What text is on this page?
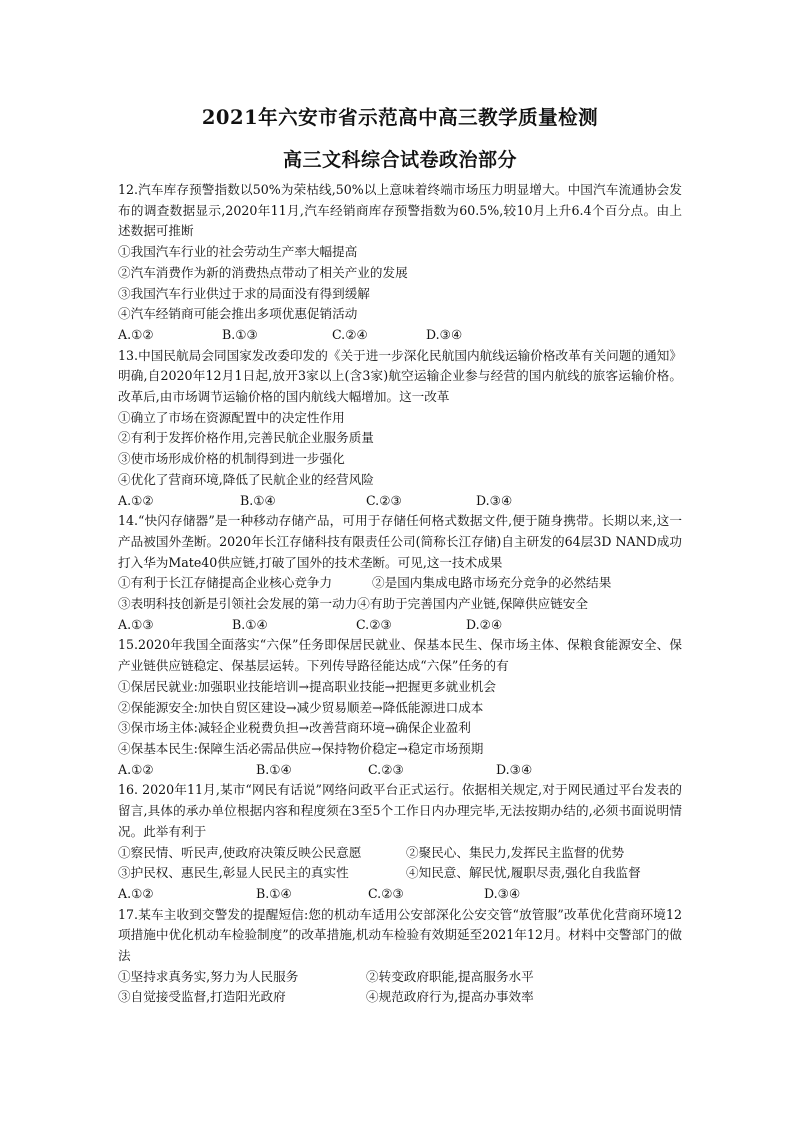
2021年六安市省示范高中高三教学质量检测
高三文科综合试卷政治部分

12.汽车库存预警指数以50%为荣枯线,50%以上意味着终端市场压力明显增大。中国汽车流通协会发布的调查数据显示,2020年11月,汽车经销商库存预警指数为60.5%,较10月上升6.4个百分点。由上述数据可推断

①我国汽车行业的社会劳动生产率大幅提高

②汽车消费作为新的消费热点带动了相关产业的发展

③我国汽车行业供过于求的局面没有得到缓解

④汽车经销商可能会推出多项优惠促销活动

A.①②	B.①③	C.②④	D.③④

13.中国民航局会同国家发改委印发的《关于进一步深化民航国内航线运输价格改革有关问题的通知》明确,自2020年12月1日起,放开3家以上(含3家)航空运输企业参与经营的国内航线的旅客运输价格。改革后,由市场调节运输价格的国内航线大幅增加。这一改革

①确立了市场在资源配置中的决定性作用

②有利于发挥价格作用,完善民航企业服务质量

③使市场形成价格的机制得到进一步强化

④优化了营商环境,降低了民航企业的经营风险

A.①②	B.①④	C.②③	D.③④

14.“快闪存储器”是一种移动存储产品，可用于存储任何格式数据文件,便于随身携带。长期以来,这一产品被国外垄断。2020年长江存储科技有限责任公司(简称长江存储)自主研发的64层3D NAND成功打入华为Mate40供应链,打破了国外的技术垄断。可见,这一技术成果

①有利于长江存储提高企业核心竞争力	②是国内集成电路市场充分竞争的必然结果

③表明科技创新是引领社会发展的第一动力④有助于完善国内产业链,保障供应链安全

A.①③	B.①④	C.②③	D.②④

15.2020年我国全面落实“六保”任务即保居民就业、保基本民生、保市场主体、保粮食能源安全、保产业链供应链稳定、保基层运转。下列传导路径能达成“六保”任务的有

①保居民就业:加强职业技能培训→提高职业技能→把握更多就业机会

②保能源安全:加快自贸区建设→减少贸易顺差→降低能源进口成本

③保市场主体:减轻企业税费负担→改善营商环境→确保企业盈利

④保基本民生:保障生活必需品供应→保持物价稳定→稳定市场预期

A.①②	B.①④	C.②③	D.③④

16. 2020年11月,某市“网民有话说”网络问政平台正式运行。依据相关规定,对于网民通过平台发表的留言,具体的承办单位根据内容和程度须在3至5个工作日内办理完毕,无法按期办结的,必须书面说明情况。此举有利于

①察民情、听民声,使政府决策反映公民意愿	②聚民心、集民力,发挥民主监督的优势

③护民权、惠民生,彰显人民民主的真实性	④知民意、解民忧,履职尽责,强化自我监督

A.①②	B.①④	C.②③	D.③④

17.某车主收到交警发的提醒短信:您的机动车适用公安部深化公安交管“放管服”改革优化营商环境12项措施中优化机动车检验制度”的改革措施,机动车检验有效期延至2021年12月。材料中交警部门的做法

①坚持求真务实,努力为人民服务	②转变政府职能,提高服务水平

③自觉接受监督,打造阳光政府	④规范政府行为,提高办事效率
